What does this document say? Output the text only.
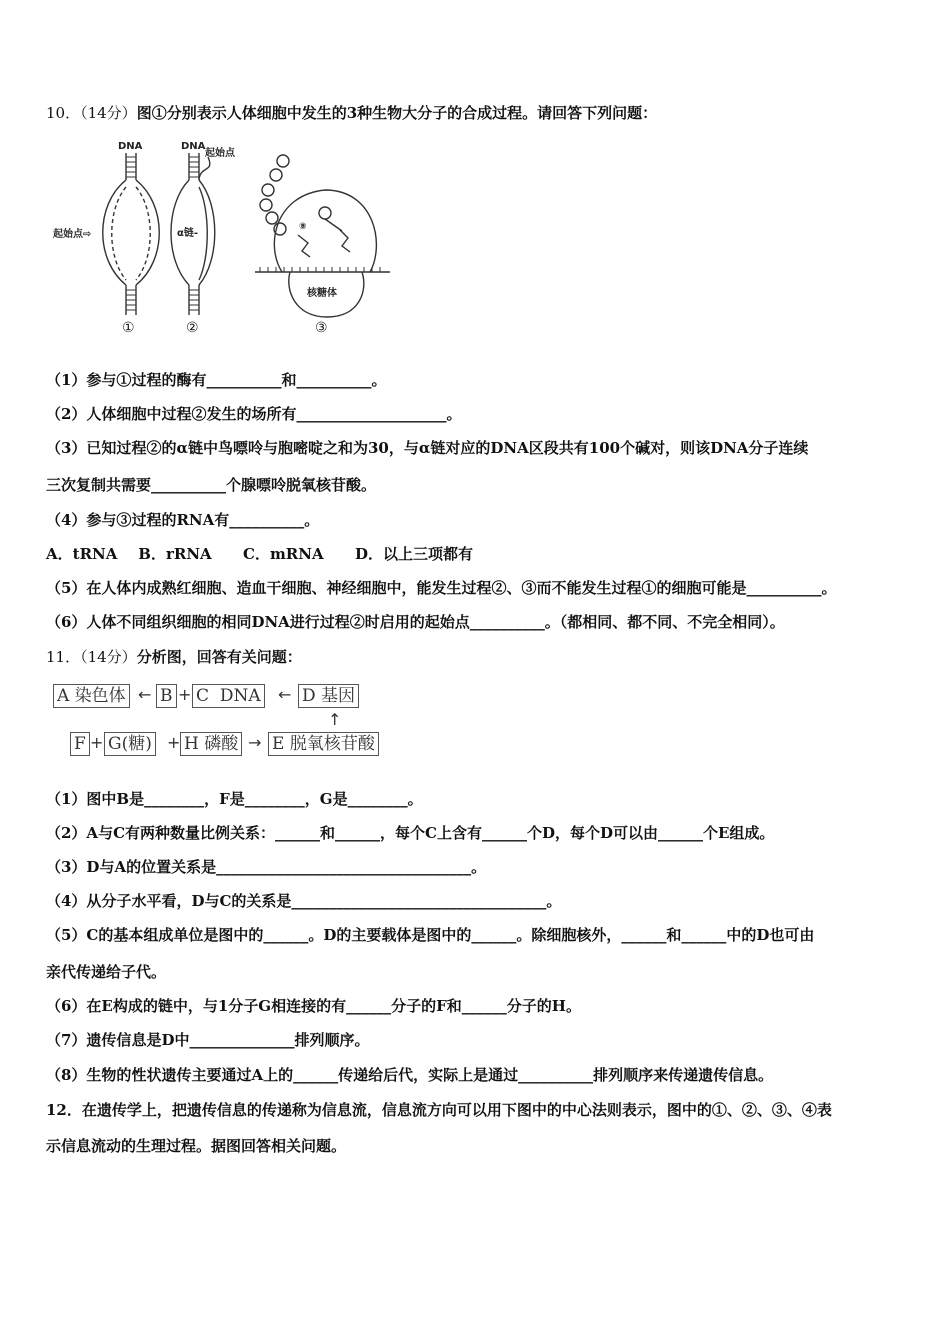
10．（14分）图①分别表示人体细胞中发生的3种生物大分子的合成过程。请回答下列问题：
DNA	DNA
起始点
起始点⇨	α链-
核糖体
⑧
①	②	③
（1）参与①过程的酶有__________和__________。
（2）人体细胞中过程②发生的场所有____________________。
（3）已知过程②的α链中鸟嘌呤与胞嘧啶之和为30，与α链对应的DNA区段共有100个碱对，则该DNA分子连续
三次复制共需要__________个腺嘌呤脱氧核苷酸。
（4）参与③过程的RNA有__________。
A．tRNA    B．rRNA      C．mRNA      D．以上三项都有
（5）在人体内成熟红细胞、造血干细胞、神经细胞中，能发生过程②、③而不能发生过程①的细胞可能是__________。
（6）人体不同组织细胞的相同DNA进行过程②时启用的起始点__________。（都相同、都不同、不完全相同）。
11．（14分）分析图，回答有关问题：
A 染色体 ← B + C  DNA ← D 基因
↑
F + G(糖) + H 磷酸 → E 脱氧核苷酸
（1）图中B是________，F是________，G是________。
（2）A与C有两种数量比例关系：______和______，每个C上含有______个D，每个D可以由______个E组成。
（3）D与A的位置关系是__________________________________。
（4）从分子水平看，D与C的关系是__________________________________。
（5）C的基本组成单位是图中的______。D的主要载体是图中的______。除细胞核外，______和______中的D也可由
亲代传递给子代。
（6）在E构成的链中，与1分子G相连接的有______分子的F和______分子的H。
（7）遗传信息是D中______________排列顺序。
（8）生物的性状遗传主要通过A上的______传递给后代，实际上是通过__________排列顺序来传递遗传信息。
12．在遗传学上，把遗传信息的传递称为信息流，信息流方向可以用下图中的中心法则表示，图中的①、②、③、④表
示信息流动的生理过程。据图回答相关问题。
